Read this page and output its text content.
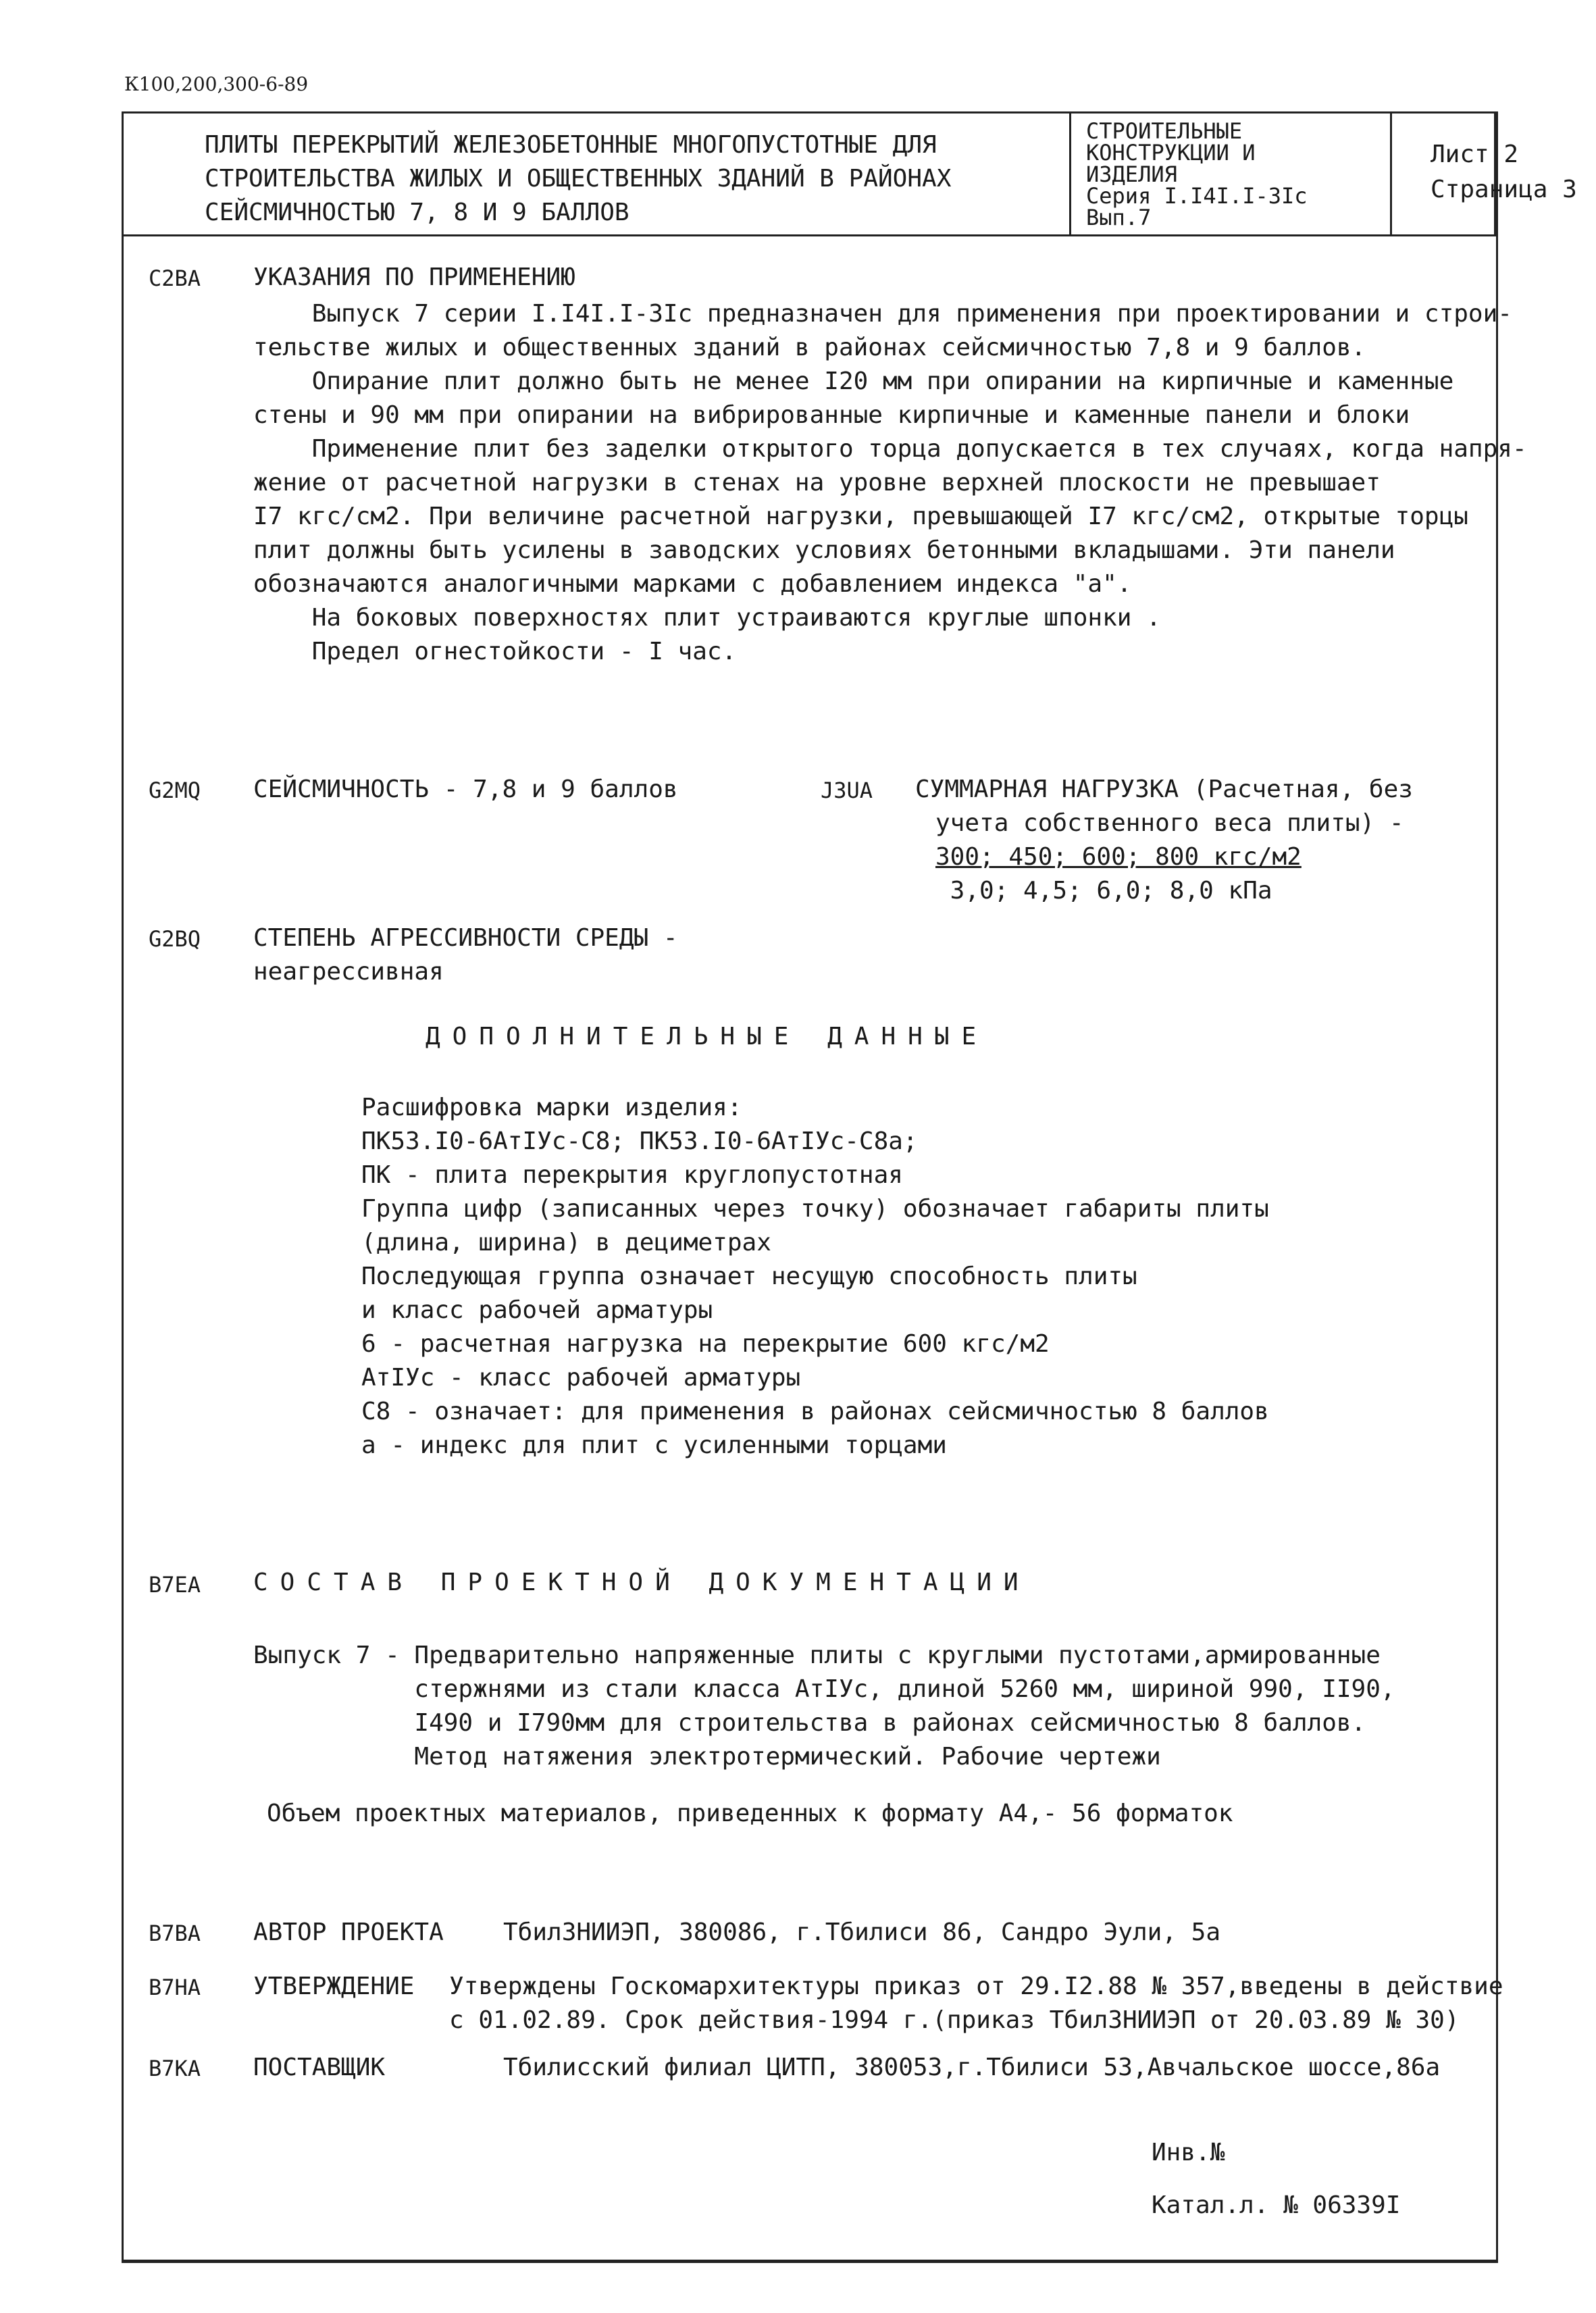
К100,200,300-6-89
ПЛИТЫ ПЕРЕКРЫТИЙ ЖЕЛЕЗОБЕТОННЫЕ МНОГОПУСТОТНЫЕ ДЛЯ
СТРОИТЕЛЬСТВА ЖИЛЫХ И ОБЩЕСТВЕННЫХ ЗДАНИЙ В РАЙОНАХ
СЕЙСМИЧНОСТЬЮ 7, 8 И 9 БАЛЛОВ
СТРОИТЕЛЬНЫЕ
КОНСТРУКЦИИ И
ИЗДЕЛИЯ
Серия I.I4I.I-3Iс
Вып.7
Лист 2
Страница 3
C2ВА УКАЗАНИЯ ПО ПРИМЕНЕНИЮ
Выпуск 7 серии I.I4I.I-3Iс предназначен для применения при проектировании и строи-
тельстве жилых и общественных зданий в районах сейсмичностью 7,8 и 9 баллов.
Опирание плит должно быть не менее I20 мм при опирании на кирпичные и каменные
стены и 90 мм при опирании на вибрированные кирпичные и каменные панели и блоки
Применение плит без заделки открытого торца допускается в тех случаях, когда напря-
жение от расчетной нагрузки в стенах на уровне верхней плоскости не превышает
I7 кгс/см2. При величине расчетной нагрузки, превышающей I7 кгс/см2, открытые торцы
плит должны быть усилены в заводских условиях бетонными вкладышами. Эти панели
обозначаются аналогичными марками с добавлением индекса "а".
На боковых поверхностях плит устраиваются круглые шпонки .
Предел огнестойкости - I час.
G2MQ СЕЙСМИЧНОСТЬ - 7,8 и 9 баллов	J3UA СУММАРНАЯ НАГРУЗКА (Расчетная, без
учета собственного веса плиты) -
300; 450; 600; 800 кгс/м2
3,0; 4,5; 6,0; 8,0 кПа
G2BQ СТЕПЕНЬ АГРЕССИВНОСТИ СРЕДЫ -
неагрессивная
ДОПОЛНИТЕЛЬНЫЕ ДАННЫЕ
Расшифровка марки изделия:
ПК53.I0-6АтIУс-С8; ПК53.I0-6АтIУс-С8а;
ПК - плита перекрытия круглопустотная
Группа цифр (записанных через точку) обозначает габариты плиты
(длина, ширина) в дециметрах
Последующая группа означает несущую способность плиты
и класс рабочей арматуры
6 - расчетная нагрузка на перекрытие 600 кгс/м2
АтIУс - класс рабочей арматуры
С8 - означает: для применения в районах сейсмичностью 8 баллов
а - индекс для плит с усиленными торцами
В7ЕА СОСТАВ ПРОЕКТНОЙ ДОКУМЕНТАЦИИ
Выпуск 7 - Предварительно напряженные плиты с круглыми пустотами,армированные
стержнями из стали класса АтIУс, длиной 5260 мм, шириной 990, II90,
I490 и I790мм для строительства в районах сейсмичностью 8 баллов.
Метод натяжения электротермический. Рабочие чертежи
Объем проектных материалов, приведенных к формату А4,- 56 форматок
В7ВА АВТОР ПРОЕКТА ТбилЗНИИЭП, 380086, г.Тбилиси 86, Сандро Эули, 5а
В7НА УТВЕРЖДЕНИЕ Утверждены Госкомархитектуры приказ от 29.I2.88 № 357,введены в действие
с 01.02.89. Срок действия-1994 г.(приказ ТбилЗНИИЭП от 20.03.89 № 30)
В7КА ПОСТАВЩИК	Тбилисский филиал ЦИТП, 380053,г.Тбилиси 53,Авчальское шоссе,86а
Инв.№
Катал.л. № 06339I
